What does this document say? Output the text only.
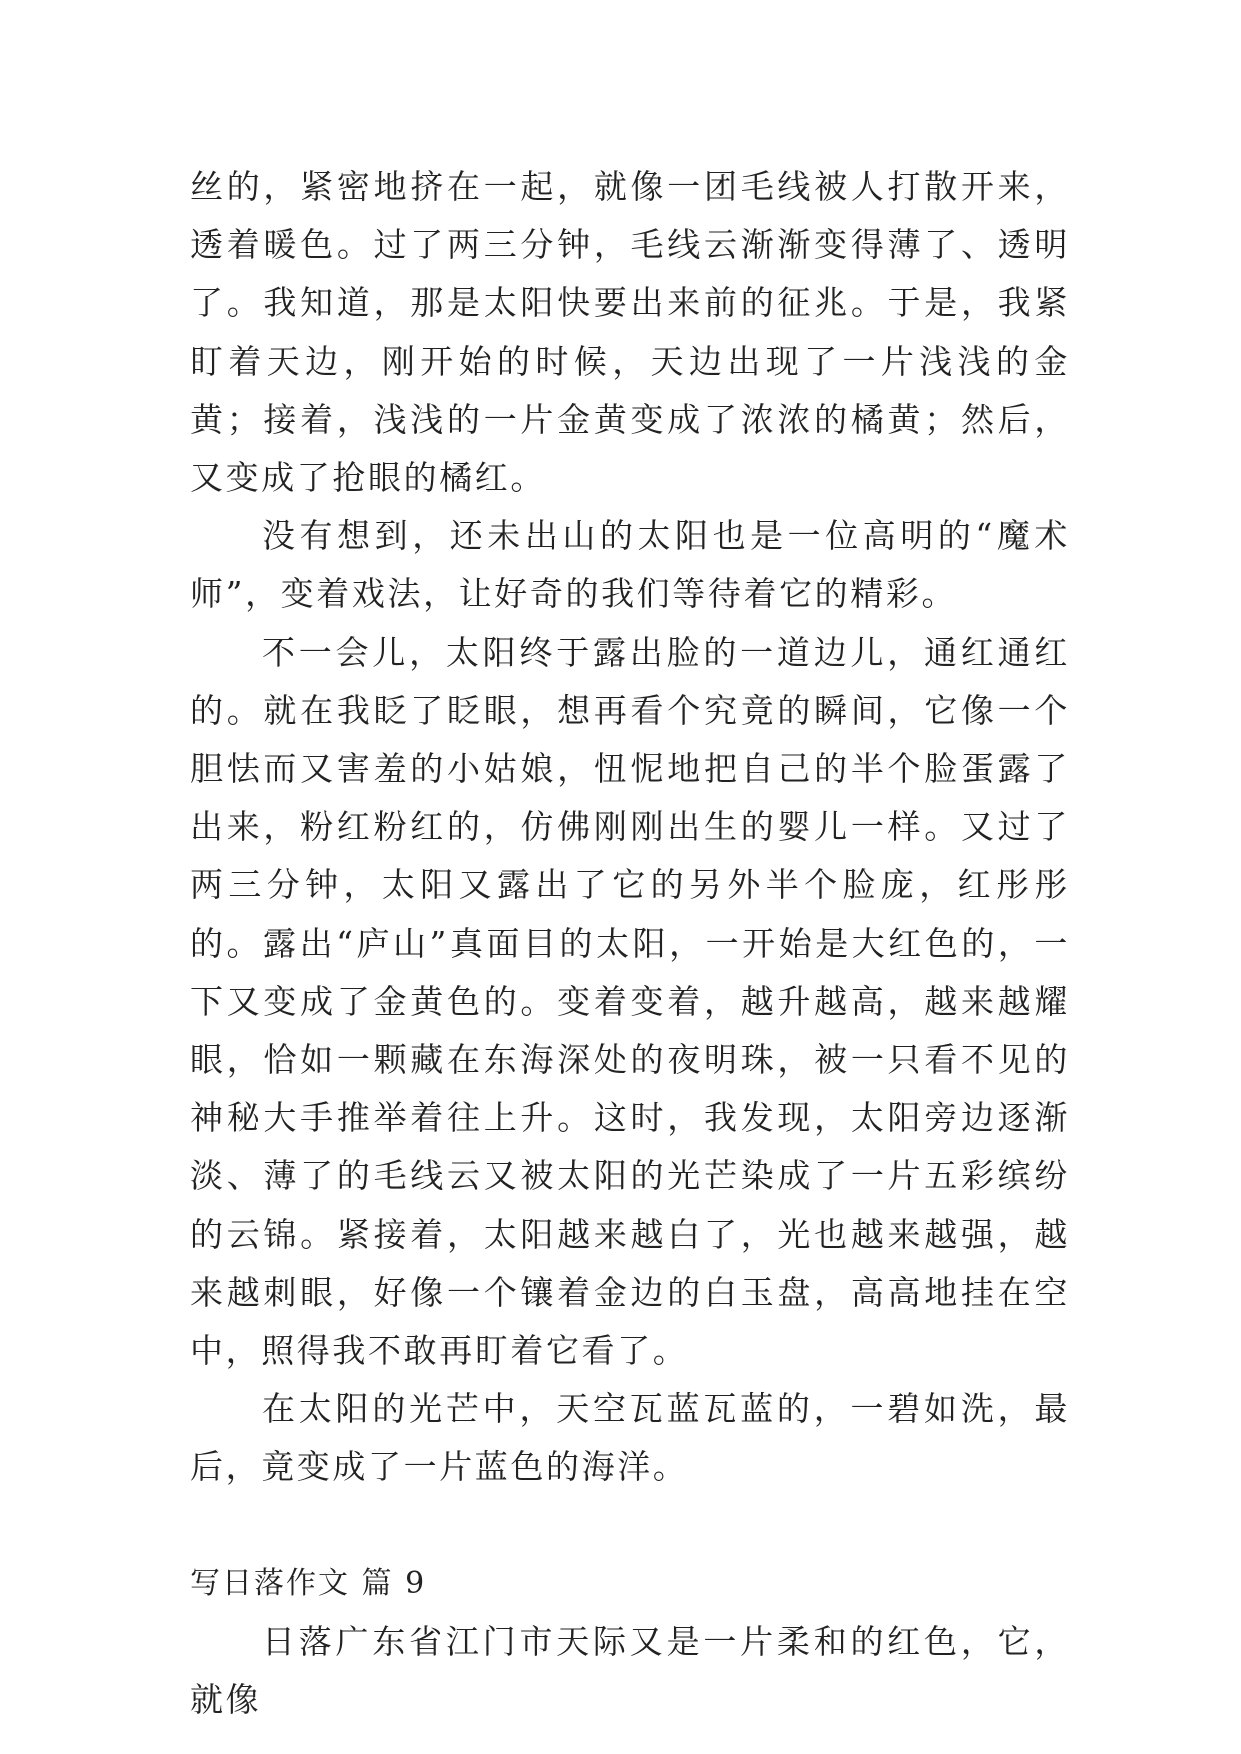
丝的，紧密地挤在一起，就像一团毛线被人打散开来，透着暖色。过了两三分钟，毛线云渐渐变得薄了、透明了。我知道，那是太阳快要出来前的征兆。于是，我紧盯着天边，刚开始的时候，天边出现了一片浅浅的金黄；接着，浅浅的一片金黄变成了浓浓的橘黄；然后，又变成了抢眼的橘红。

没有想到，还未出山的太阳也是一位高明的“魔术师”，变着戏法，让好奇的我们等待着它的精彩。

不一会儿，太阳终于露出脸的一道边儿，通红通红的。就在我眨了眨眼，想再看个究竟的瞬间，它像一个胆怯而又害羞的小姑娘，忸怩地把自己的半个脸蛋露了出来，粉红粉红的，仿佛刚刚出生的婴儿一样。又过了两三分钟，太阳又露出了它的另外半个脸庞，红彤彤的。露出“庐山”真面目的太阳，一开始是大红色的，一下又变成了金黄色的。变着变着，越升越高，越来越耀眼，恰如一颗藏在东海深处的夜明珠，被一只看不见的神秘大手推举着往上升。这时，我发现，太阳旁边逐渐淡、薄了的毛线云又被太阳的光芒染成了一片五彩缤纷的云锦。紧接着，太阳越来越白了，光也越来越强，越来越刺眼，好像一个镶着金边的白玉盘，高高地挂在空中，照得我不敢再盯着它看了。

在太阳的光芒中，天空瓦蓝瓦蓝的，一碧如洗，最后，竟变成了一片蓝色的海洋。

写日落作文 篇 9

日落广东省江门市天际又是一片柔和的红色，它，就像
